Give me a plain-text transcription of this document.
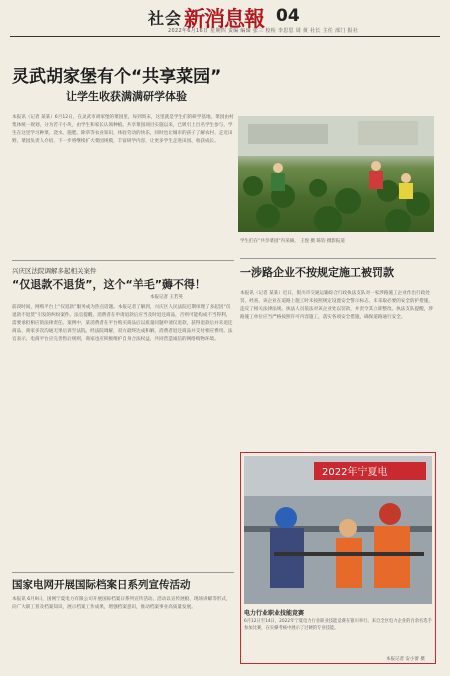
社会 新消息報 04
2022年6月16日 星期四 责编 编辑 张三 校检 李思思 周 黄 社长 主任 部门 报社
灵武胡家堡有个“共享菜园”
让学生收获满满研学体验
本报讯（记者 某某）6月12日，在灵武市胡家堡的菜园里，每到周末，这里就是学生们的研学基地。菜园由村集体统一规划，分为若干小块，由学生和家长认领种植。共享菜园项目实施以来，已吸引上百名学生参与，学生在这里学习种菜、浇水、施肥、除草等农业知识，体验劳动的快乐，同时也让城市的孩子了解农村、走近田野。菜园负责人介绍，下一步将继续扩大菜园规模，丰富研学内容，让更多学生走进田园、收获成长。
学生们在“共享菜园”内采摘。 王悦 摄 陈钧 摄影报道
兴庆区法院调解多起相关案件
“仅退款不退货”，这个“羊毛”薅不得！
本报记者 王若英
前段时间，网购平台上“仅退款”服务成为热点话题。本报记者了解到，兴庆区人民法院近期审理了多起因“仅退款不退货”引发的纠纷案件。法官提醒，消费者在申请退款后应当及时退还商品，否则可能构成不当得利，需要承担相应的法律责任。案例中，某消费者在平台购买商品后以质量问题申请仅退款，获得退款后并未退还商品，商家多次沟通无果后诉至法院。经法院调解，双方最终达成和解，消费者退还商品并支付相应费用。法官表示，电商平台应完善售后规则，商家也应积极维护自身合法权益，共同营造诚信的网络购物环境。
一涉路企业不按规定施工被罚款
本报讯（记者 某某）近日，银川市交通运输综合行政执法支队对一家涉路施工企业作出行政处罚。经查，该企业在道路上施工时未按照规定设置安全警示标志，未采取必要的安全防护措施，违反了相关法律法规。执法人员依法对该企业处以罚款，并责令其立即整改。执法支队提醒，涉路施工单位应当严格按照许可内容施工，落实各项安全措施，确保道路通行安全。
2022年宁夏电
电力行业职业技能竞赛
6月12日至14日，2022年宁夏电力行业职业技能竞赛在银川举行。来自全区电力企业的百余名选手参加比赛，在实操考核中展示了过硬的专业技能。
本报记者 安小蕾 摄
国家电网开展国际档案日系列宣传活动
本报讯 6月9日，国网宁夏电力有限公司开展国际档案日系列宣传活动。活动以宣传展板、现场讲解等形式，向广大职工普及档案知识，展示档案工作成果，增强档案意识，推动档案事业高质量发展。
